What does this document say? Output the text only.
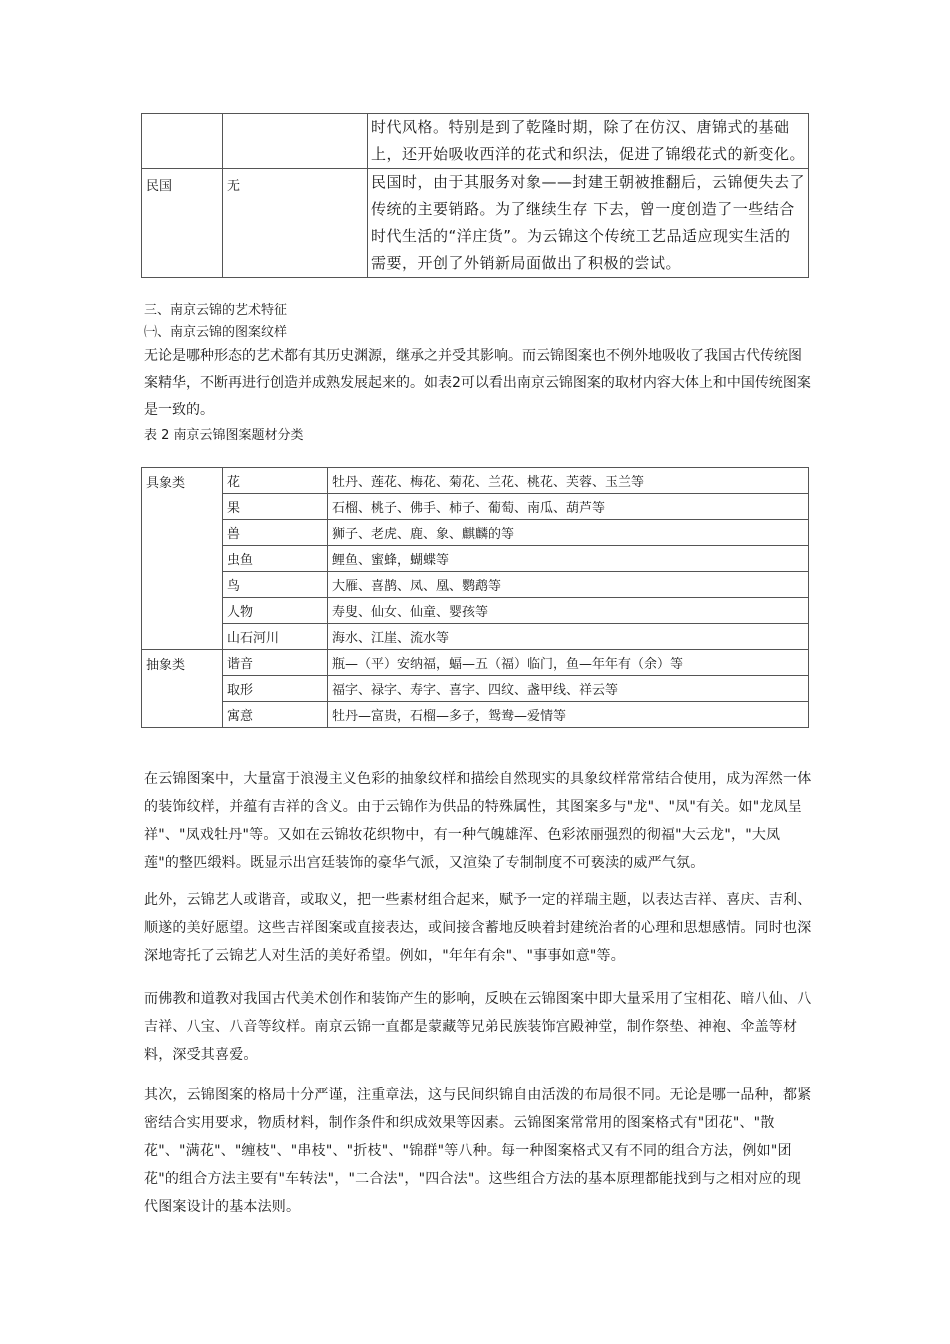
		时代风格。特别是到了乾隆时期，除了在仿汉、唐锦式的基础上，还开始吸收西洋的花式和织法，促进了锦缎花式的新变化。
民国	无	民国时，由于其服务对象——封建王朝被推翻后，云锦便失去了传统的主要销路。为了继续生存 下去，曾一度创造了一些结合时代生活的“洋庄货”。为云锦这个传统工艺品适应现实生活的需要，开创了外销新局面做出了积极的尝试。
三、南京云锦的艺术特征
㈠、南京云锦的图案纹样
无论是哪种形态的艺术都有其历史渊源，继承之并受其影响。而云锦图案也不例外地吸收了我国古代传统图案精华，不断再进行创造并成熟发展起来的。如表2可以看出南京云锦图案的取材内容大体上和中国传统图案是一致的。
表 2 南京云锦图案题材分类
具象类	花	牡丹、莲花、梅花、菊花、兰花、桃花、芙蓉、玉兰等
	果	石榴、桃子、佛手、柿子、葡萄、南瓜、葫芦等
	兽	狮子、老虎、鹿、象、麒麟的等
	虫鱼	鲤鱼、蜜蜂，蝴蝶等
	鸟	大雁、喜鹊、凤、凰、鹦鹉等
	人物	寿叟、仙女、仙童、婴孩等
	山石河川	海水、江崖、流水等
抽象类	谐音	瓶—（平）安纳福，蝠—五（福）临门，鱼—年年有（余）等
	取形	福字、禄字、寿字、喜字、四纹、盏甲线、祥云等
	寓意	牡丹—富贵，石榴—多子，鸳鸯—爱情等
在云锦图案中，大量富于浪漫主义色彩的抽象纹样和描绘自然现实的具象纹样常常结合使用，成为浑然一体的装饰纹样，并蕴有吉祥的含义。由于云锦作为供品的特殊属性，其图案多与"龙"、"凤"有关。如"龙凤呈祥"、"凤戏牡丹"等。又如在云锦妆花织物中，有一种气魄雄浑、色彩浓丽强烈的彻福"大云龙"，"大凤莲"的整匹缎料。既显示出宫廷装饰的豪华气派，又渲染了专制制度不可亵渎的威严气氛。
此外，云锦艺人或谐音，或取义，把一些素材组合起来，赋予一定的祥瑞主题，以表达吉祥、喜庆、吉利、顺遂的美好愿望。这些吉祥图案或直接表达，或间接含蓄地反映着封建统治者的心理和思想感情。同时也深深地寄托了云锦艺人对生活的美好希望。例如，"年年有余"、"事事如意"等。
而佛教和道教对我国古代美术创作和装饰产生的影响，反映在云锦图案中即大量采用了宝相花、暗八仙、八吉祥、八宝、八音等纹样。南京云锦一直都是蒙藏等兄弟民族装饰宫殿神堂，制作祭垫、神袍、伞盖等材料，深受其喜爱。
其次，云锦图案的格局十分严谨，注重章法，这与民间织锦自由活泼的布局很不同。无论是哪一品种，都紧密结合实用要求，物质材料，制作条件和织成效果等因素。云锦图案常常用的图案格式有"团花"、"散花"、"满花"、"缠枝"、"串枝"、"折枝"、"锦群"等八种。每一种图案格式又有不同的组合方法，例如"团花"的组合方法主要有"车转法"，"二合法"，"四合法"。这些组合方法的基本原理都能找到与之相对应的现代图案设计的基本法则。
